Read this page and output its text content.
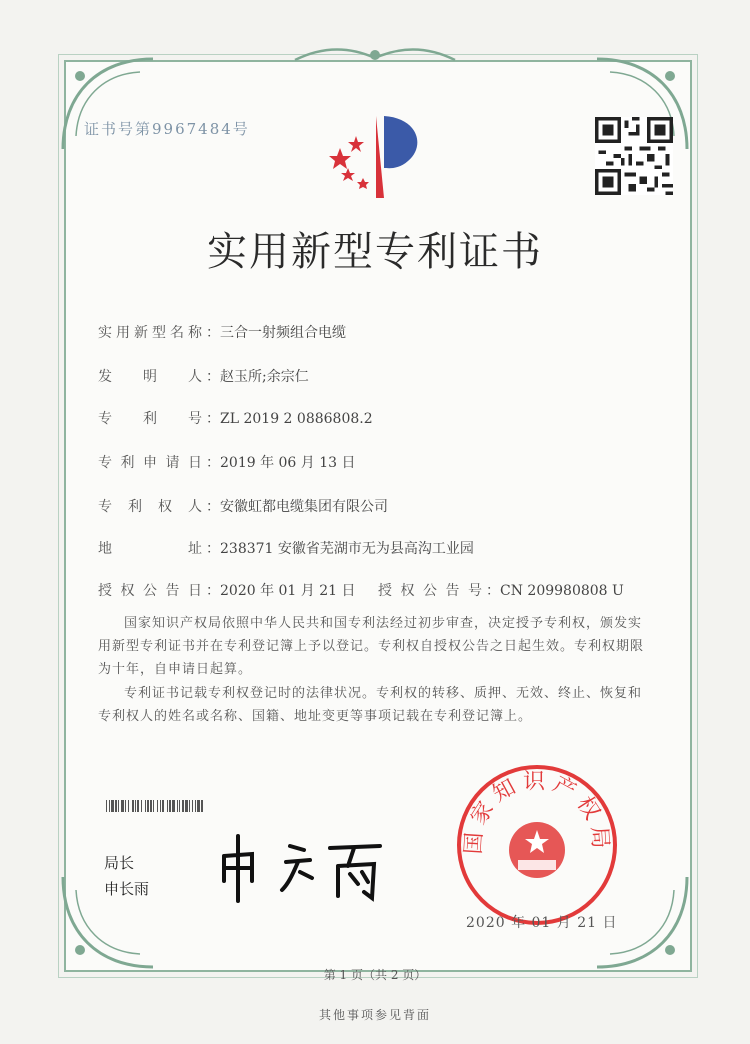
证书号第9967484号
实用新型专利证书
实用新型名称 ：三合一射频组合电缆
发明人 ：赵玉所;余宗仁
专利号 ：ZL 2019 2 0886808.2
专利申请日 ：2019 年 06 月 13 日
专利权人 ：安徽虹都电缆集团有限公司
地址 ：238371 安徽省芜湖市无为县高沟工业园
授权公告日 ：2020 年 01 月 21 日 授权公告号 ：CN 209980808 U
国家知识产权局依照中华人民共和国专利法经过初步审查，决定授予专利权，颁发实用新型专利证书并在专利登记簿上予以登记。专利权自授权公告之日起生效。专利权期限为十年，自申请日起算。
专利证书记载专利权登记时的法律状况。专利权的转移、质押、无效、终止、恢复和专利权人的姓名或名称、国籍、地址变更等事项记载在专利登记簿上。
局长
申长雨
国家知识产权局
2020 年 01 月 21 日
第 1 页（共 2 页）
其他事项参见背面
